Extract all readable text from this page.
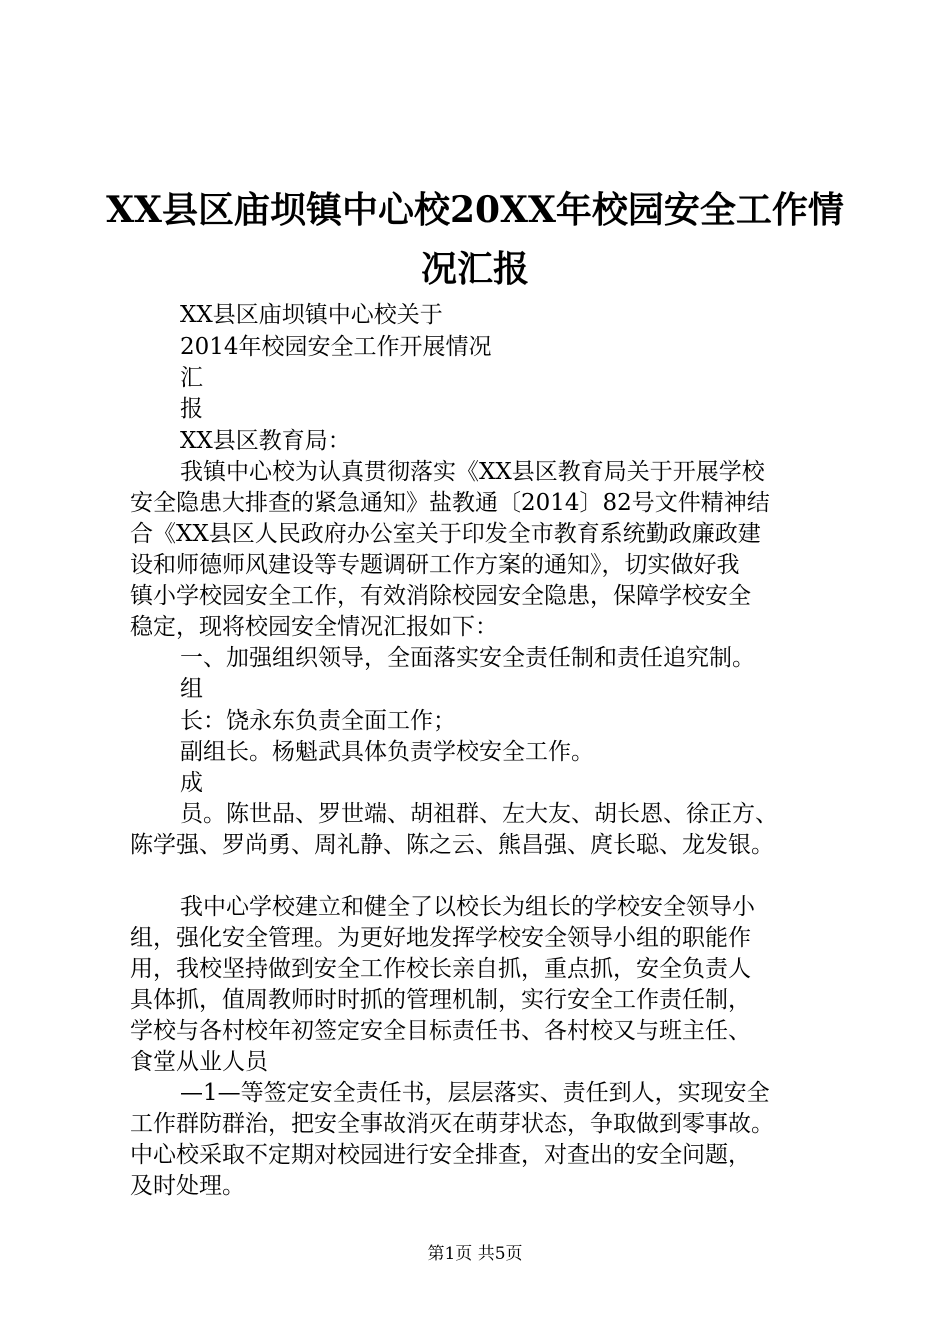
XX县区庙坝镇中心校20XX年校园安全工作情
况汇报
XX县区庙坝镇中心校关于
2014年校园安全工作开展情况
汇
报
XX县区教育局：
我镇中心校为认真贯彻落实《XX县区教育局关于开展学校
安全隐患大排查的紧急通知》盐教通〔2014〕82号文件精神结
合《XX县区人民政府办公室关于印发全市教育系统勤政廉政建
设和师德师风建设等专题调研工作方案的通知》，切实做好我
镇小学校园安全工作，有效消除校园安全隐患，保障学校安全
稳定，现将校园安全情况汇报如下：
一、加强组织领导，全面落实安全责任制和责任追究制。
组
长：饶永东负责全面工作；
副组长。杨魁武具体负责学校安全工作。
成
员。陈世品、罗世端、胡祖群、左大友、胡长恩、徐正方、
陈学强、罗尚勇、周礼静、陈之云、熊昌强、庹长聪、龙发银。
我中心学校建立和健全了以校长为组长的学校安全领导小
组，强化安全管理。为更好地发挥学校安全领导小组的职能作
用，我校坚持做到安全工作校长亲自抓，重点抓，安全负责人
具体抓，值周教师时时抓的管理机制，实行安全工作责任制，
学校与各村校年初签定安全目标责任书、各村校又与班主任、
食堂从业人员
—1—等签定安全责任书，层层落实、责任到人，实现安全
工作群防群治，把安全事故消灭在萌芽状态，争取做到零事故。
中心校采取不定期对校园进行安全排查，对查出的安全问题，
及时处理。
第1页 共5页
